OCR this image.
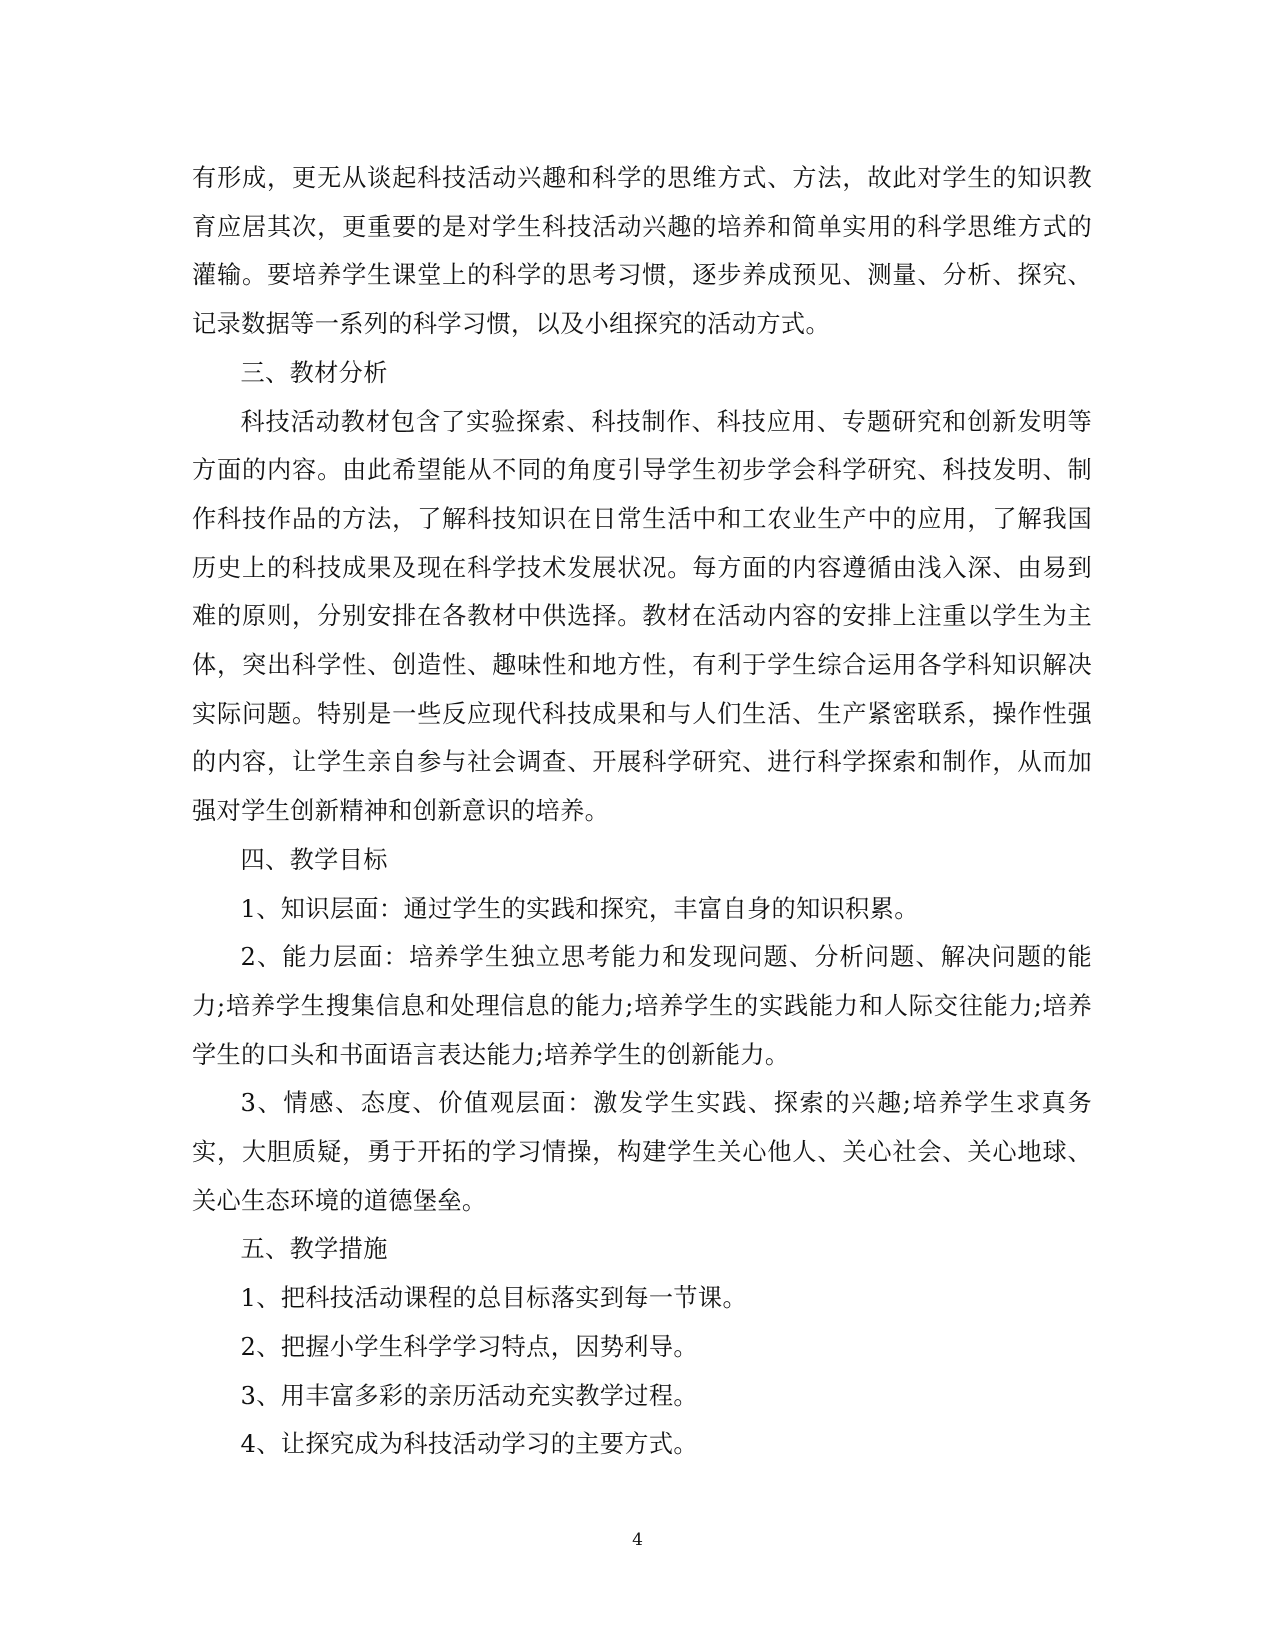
有形成，更无从谈起科技活动兴趣和科学的思维方式、方法，故此对学生的知识教育应居其次，更重要的是对学生科技活动兴趣的培养和简单实用的科学思维方式的灌输。要培养学生课堂上的科学的思考习惯，逐步养成预见、测量、分析、探究、记录数据等一系列的科学习惯，以及小组探究的活动方式。

三、教材分析

科技活动教材包含了实验探索、科技制作、科技应用、专题研究和创新发明等方面的内容。由此希望能从不同的角度引导学生初步学会科学研究、科技发明、制作科技作品的方法，了解科技知识在日常生活中和工农业生产中的应用，了解我国历史上的科技成果及现在科学技术发展状况。每方面的内容遵循由浅入深、由易到难的原则，分别安排在各教材中供选择。教材在活动内容的安排上注重以学生为主体，突出科学性、创造性、趣味性和地方性，有利于学生综合运用各学科知识解决实际问题。特别是一些反应现代科技成果和与人们生活、生产紧密联系，操作性强的内容，让学生亲自参与社会调查、开展科学研究、进行科学探索和制作，从而加强对学生创新精神和创新意识的培养。

四、教学目标

1、知识层面：通过学生的实践和探究，丰富自身的知识积累。

2、能力层面：培养学生独立思考能力和发现问题、分析问题、解决问题的能力;培养学生搜集信息和处理信息的能力;培养学生的实践能力和人际交往能力;培养学生的口头和书面语言表达能力;培养学生的创新能力。

3、情感、态度、价值观层面：激发学生实践、探索的兴趣;培养学生求真务实，大胆质疑，勇于开拓的学习情操，构建学生关心他人、关心社会、关心地球、关心生态环境的道德堡垒。

五、教学措施

1、把科技活动课程的总目标落实到每一节课。

2、把握小学生科学学习特点，因势利导。

3、用丰富多彩的亲历活动充实教学过程。

4、让探究成为科技活动学习的主要方式。

4
